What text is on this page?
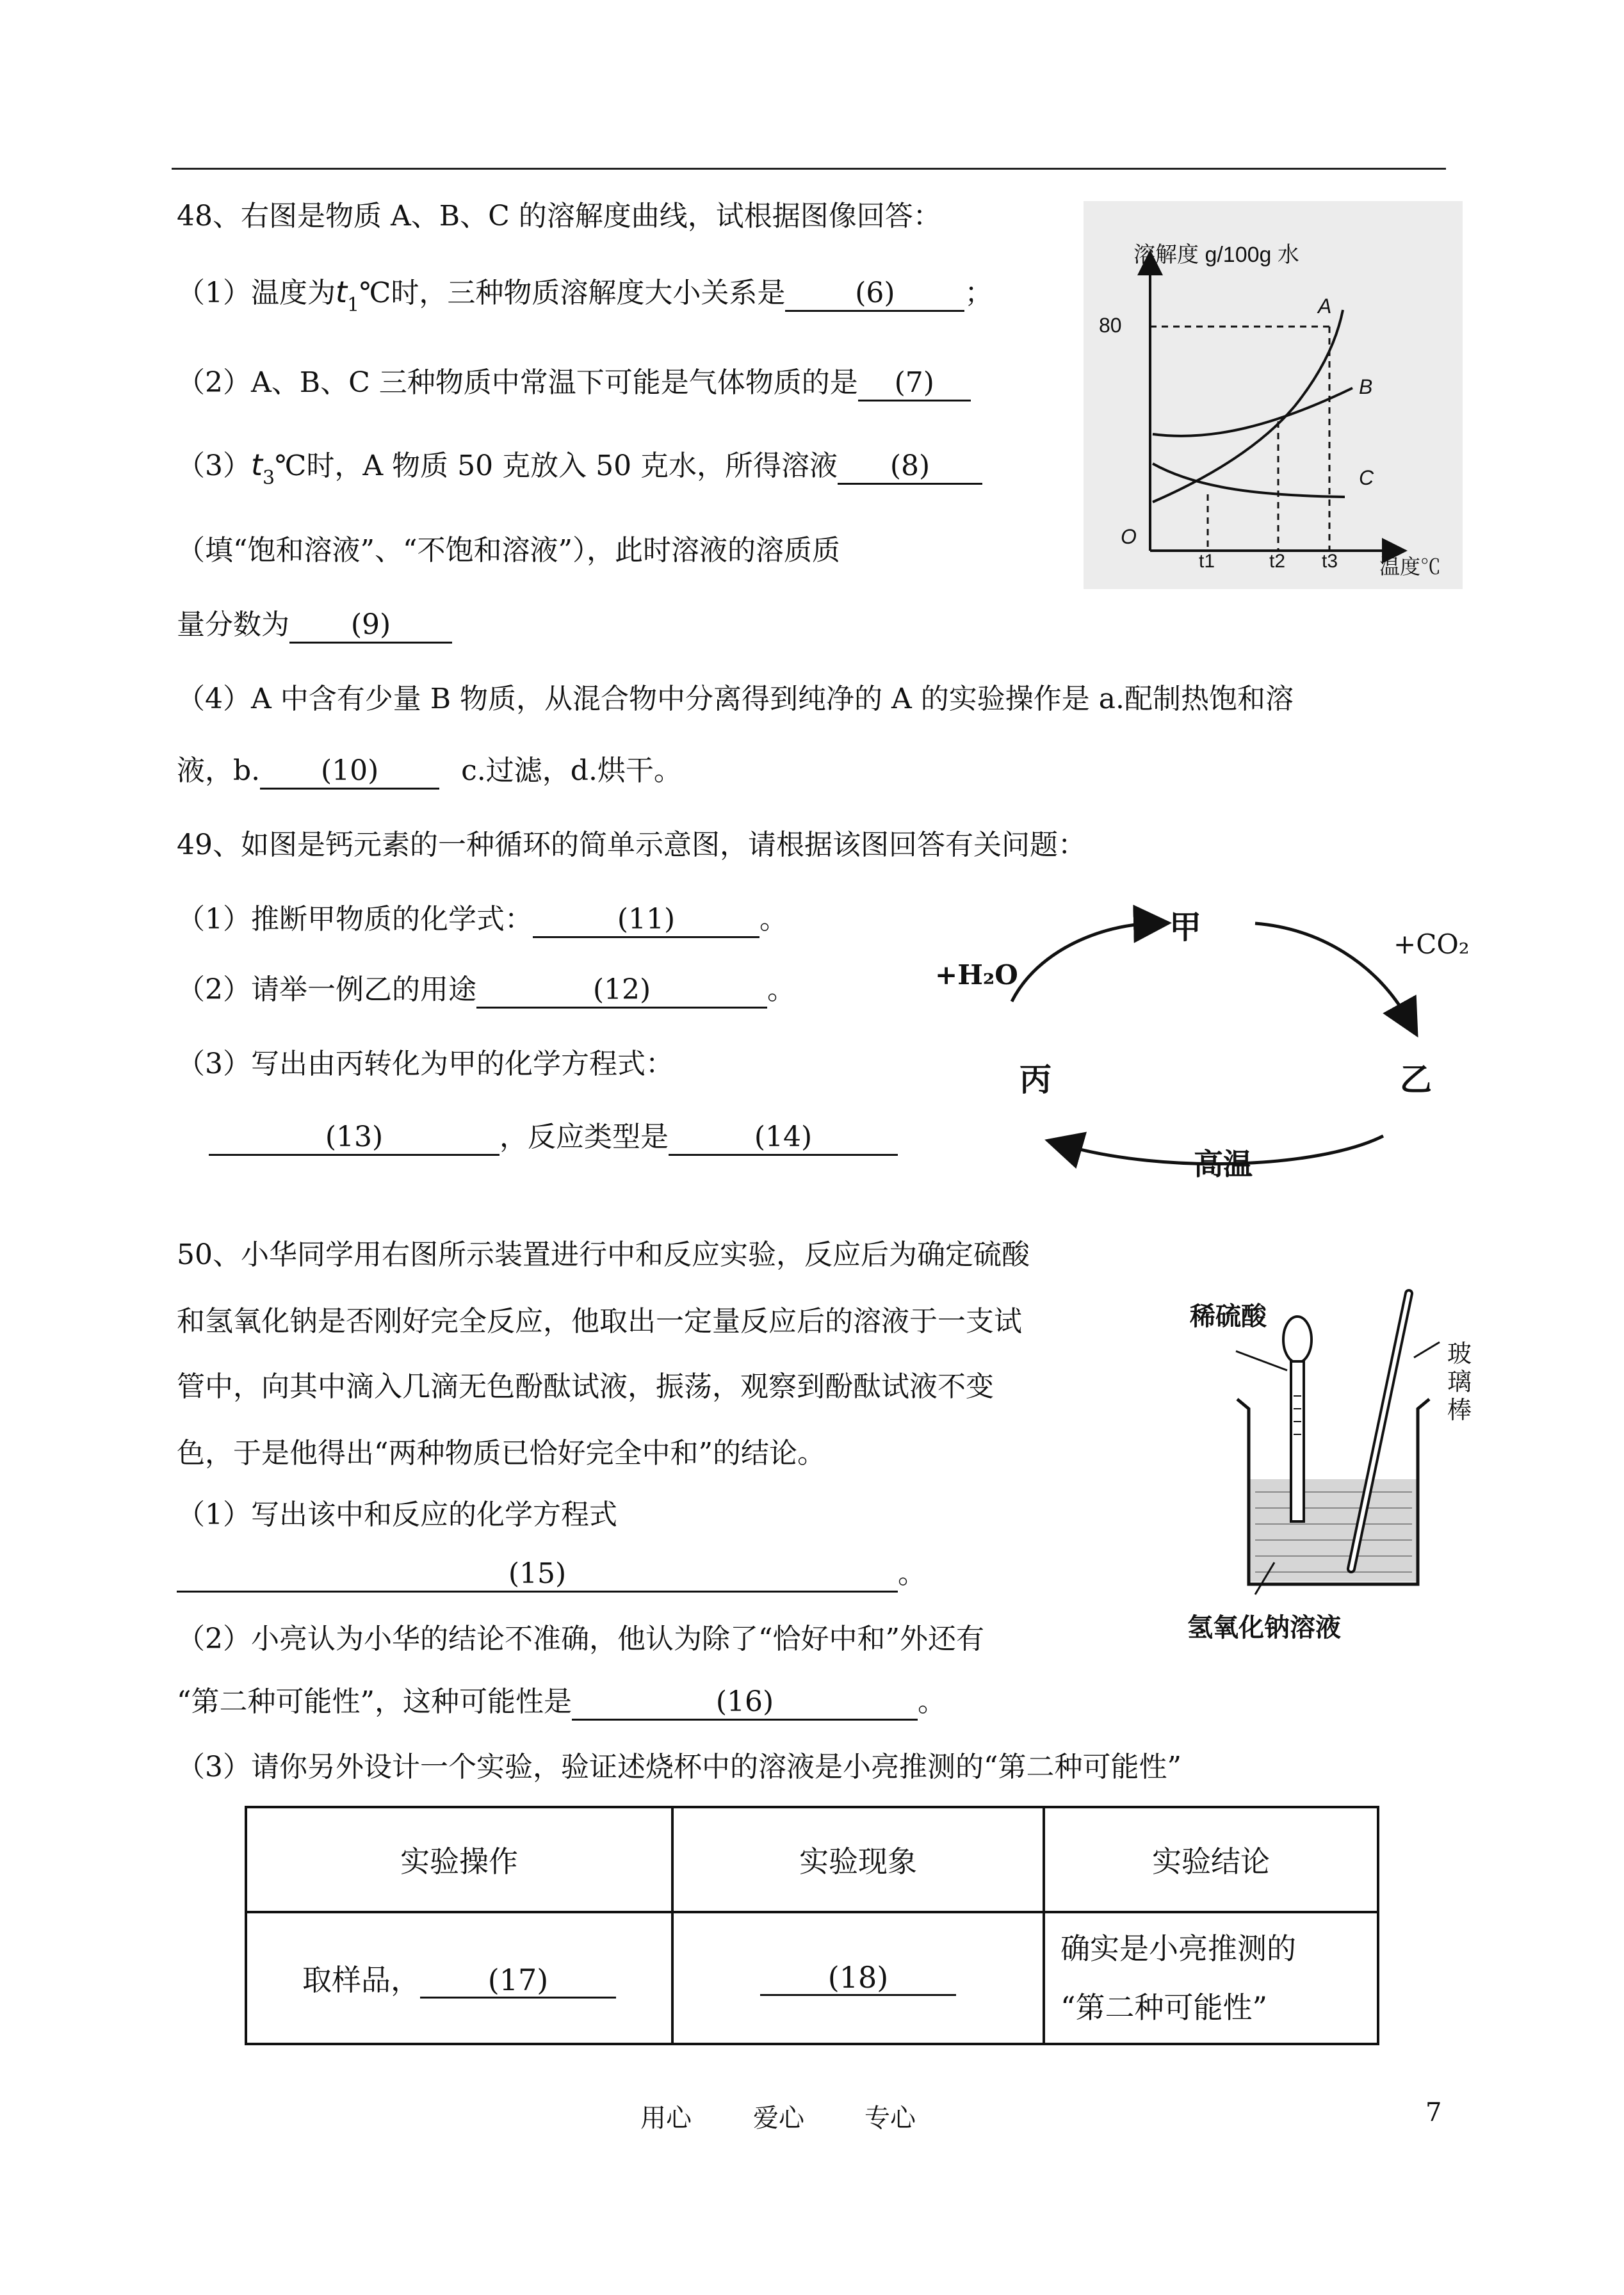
48、右图是物质 A、B、C 的溶解度曲线，试根据图像回答：
（1）温度为$t_1℃$时，三种物质溶解度大小关系是 (6) ；
（2）A、B、C 三种物质中常温下可能是气体物质的是 (7)
$(3)t_3℃$时，A 物质 50 克放入 50 克水，所得溶液 (8)
（填“饱和溶液”、“不饱和溶液”），此时溶液的溶质质
量分数为 (9)
（4）A 中含有少量 B 物质，从混合物中分离得到纯净的 A 的实验操作是 a.配制热饱和溶
液，b. (10)	c.过滤，d.烘干。
溶解度 g/100g 水
80
O
t1	t2 t3 温度℃
A
B
C
49、如图是钙元素的一种循环的简单示意图，请根据该图回答有关问题：
（1）推断甲物质的化学式：	(11)	。
（2）请举一例乙的用途	(12)	。
（3）写出由丙转化为甲的化学方程式：
(13)	，反应类型是	(14)
甲
+H₂O
+CO₂
丙	乙
高温
50、小华同学用右图所示装置进行中和反应实验，反应后为确定硫酸
和氢氧化钠是否刚好完全反应，他取出一定量反应后的溶液于一支试
管中，向其中滴入几滴无色酚酞试液，振荡，观察到酚酞试液不变
色，于是他得出“两种物质已恰好完全中和”的结论。
（1）写出该中和反应的化学方程式
(15)	。
（2）小亮认为小华的结论不准确，他认为除了“恰好中和”外还有
“第二种可能性”，这种可能性是	(16)	。
（3）请你另外设计一个实验，验证述烧杯中的溶液是小亮推测的“第二种可能性”
稀硫酸
玻
璃
棒
氢氧化钠溶液
实验操作	实验现象	实验结论
取样品， (17)	(18)	确实是小亮推测的
“第二种可能性”
用心 爱心 专心	7
